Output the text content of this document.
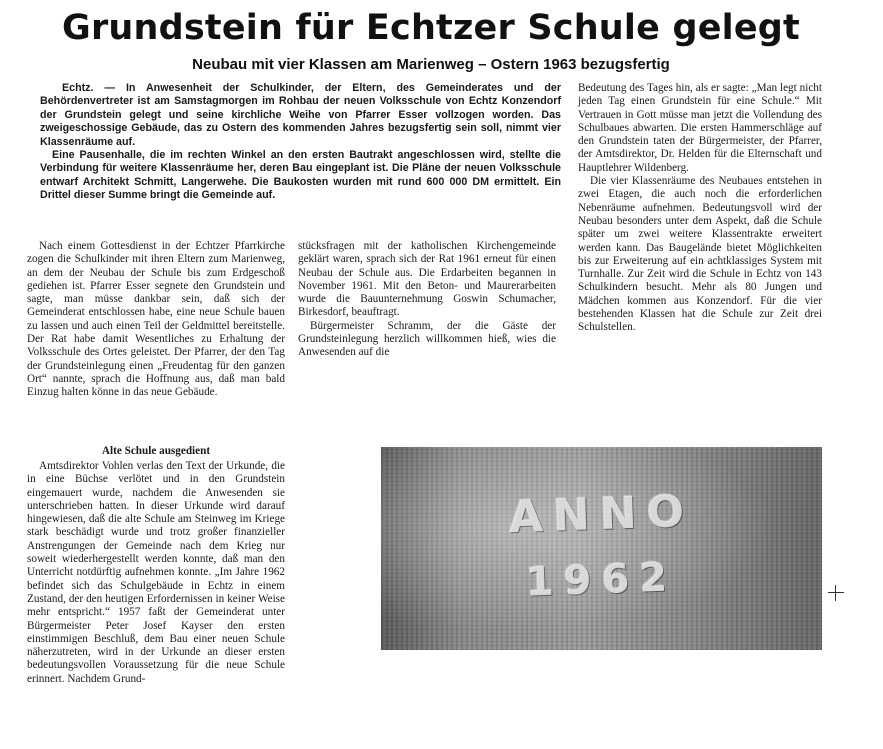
Grundstein für Echtzer Schule gelegt
Neubau mit vier Klassen am Marienweg – Ostern 1963 bezugsfertig

Echtz. — In Anwesenheit der Schulkinder, der Eltern, des Gemeinderates und der Behördenvertreter ist am Samstagmorgen im Rohbau der neuen Volksschule von Echtz Konzendorf der Grundstein gelegt und seine kirchliche Weihe von Pfarrer Esser vollzogen worden. Das zweigeschossige Gebäude, das zu Ostern des kommenden Jahres bezugsfertig sein soll, nimmt vier Klassenräume auf.

Eine Pausenhalle, die im rechten Winkel an den ersten Bautrakt angeschlossen wird, stellte die Verbindung für weitere Klassenräume her, deren Bau eingeplant ist. Die Pläne der neuen Volksschule entwarf Architekt Schmitt, Langerwehe. Die Baukosten wurden mit rund 600 000 DM ermittelt. Ein Drittel dieser Summe bringt die Gemeinde auf.

Bedeutung des Tages hin, als er sagte: „Man legt nicht jeden Tag einen Grundstein für eine Schule.“ Mit Vertrauen in Gott müsse man jetzt die Vollendung des Schulbaues abwarten. Die ersten Hammerschläge auf den Grundstein taten der Bürgermeister, der Pfarrer, der Amtsdirektor, Dr. Helden für die Elternschaft und Hauptlehrer Wildenberg.

Die vier Klassenräume des Neubaues entstehen in zwei Etagen, die auch noch die erforderlichen Nebenräume aufnehmen. Bedeutungsvoll wird der Neubau besonders unter dem Aspekt, daß die Schule später um zwei weitere Klassentrakte erweitert werden kann. Das Baugelände bietet Möglichkeiten bis zur Erweiterung auf ein achtklassiges System mit Turnhalle. Zur Zeit wird die Schule in Echtz von 143 Schulkindern besucht. Mehr als 80 Jungen und Mädchen kommen aus Konzendorf. Für die vier bestehenden Klassen hat die Schule zur Zeit drei Schulstellen.

Nach einem Gottesdienst in der Echtzer Pfarrkirche zogen die Schulkinder mit ihren Eltern zum Marienweg, an dem der Neubau der Schule bis zum Erdgeschoß gediehen ist. Pfarrer Esser segnete den Grundstein und sagte, man müsse dankbar sein, daß sich der Gemeinderat entschlossen habe, eine neue Schule bauen zu lassen und auch einen Teil der Geldmittel bereitstelle. Der Rat habe damit Wesentliches zu Erhaltung der Volksschule des Ortes geleistet. Der Pfarrer, der den Tag der Grundsteinlegung einen „Freudentag für den ganzen Ort“ nannte, sprach die Hoffnung aus, daß man bald Einzug halten könne in das neue Gebäude.

stücksfragen mit der katholischen Kirchengemeinde geklärt waren, sprach sich der Rat 1961 erneut für einen Neubau der Schule aus. Die Erdarbeiten begannen in November 1961. Mit den Beton- und Maurerarbeiten wurde die Bauunternehmung Goswin Schumacher, Birkesdorf, beauftragt.

Bürgermeister Schramm, der die Gäste der Grundsteinlegung herzlich willkommen hieß, wies die Anwesenden auf die

Alte Schule ausgedient

Amtsdirektor Vohlen verlas den Text der Urkunde, die in eine Büchse verlötet und in den Grundstein eingemauert wurde, nachdem die Anwesenden sie unterschrieben hatten. In dieser Urkunde wird darauf hingewiesen, daß die alte Schule am Steinweg im Kriege stark beschädigt wurde und trotz großer finanzieller Anstrengungen der Gemeinde nach dem Krieg nur soweit wiederhergestellt werden konnte, daß man den Unterricht notdürftig aufnehmen konnte. „Im Jahre 1962 befindet sich das Schulgebäude in Echtz in einem Zustand, der den heutigen Erfordernissen in keiner Weise mehr entspricht.“ 1957 faßt der Gemeinderat unter Bürgermeister Peter Josef Kayser den ersten einstimmigen Beschluß, dem Bau einer neuen Schule näherzutreten, wird in der Urkunde an dieser ersten bedeutungsvollen Voraussetzung für die neue Schule erinnert. Nachdem Grund-

ANNO
1962
